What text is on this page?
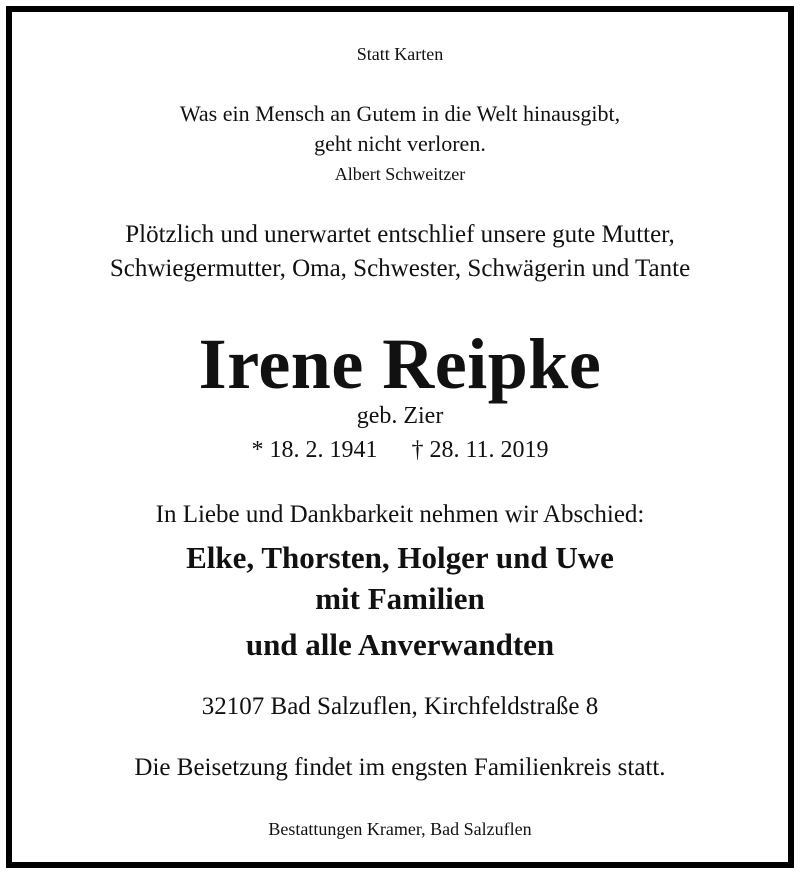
Statt Karten
Was ein Mensch an Gutem in die Welt hinausgibt,
geht nicht verloren.
Albert Schweitzer
Plötzlich und unerwartet entschlief unsere gute Mutter,
Schwiegermutter, Oma, Schwester, Schwägerin und Tante
Irene Reipke
geb. Zier
* 18. 2. 1941 † 28. 11. 2019
In Liebe und Dankbarkeit nehmen wir Abschied:
Elke, Thorsten, Holger und Uwe
mit Familien
und alle Anverwandten
32107 Bad Salzuflen, Kirchfeldstraße 8
Die Beisetzung findet im engsten Familienkreis statt.
Bestattungen Kramer, Bad Salzuflen
